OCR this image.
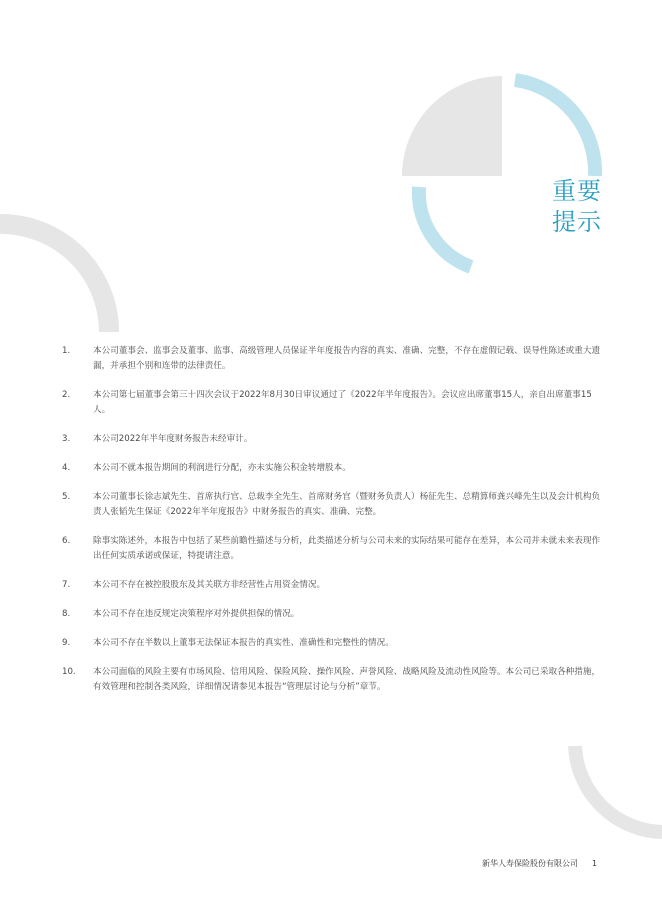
重要
提示
1.	本公司董事会、监事会及董事、监事、高级管理人员保证半年度报告内容的真实、准确、完整，不存在虚假记载、误导性陈述或重大遗漏，并承担个别和连带的法律责任。
2.	本公司第七届董事会第三十四次会议于2022年8月30日审议通过了《2022年半年度报告》。会议应出席董事15人，亲自出席董事15人。
3.	本公司2022年半年度财务报告未经审计。
4.	本公司不就本报告期间的利润进行分配，亦未实施公积金转增股本。
5.	本公司董事长徐志斌先生、首席执行官、总裁李全先生、首席财务官（暨财务负责人）杨征先生、总精算师龚兴峰先生以及会计机构负责人张韬先生保证《2022年半年度报告》中财务报告的真实、准确、完整。
6.	除事实陈述外，本报告中包括了某些前瞻性描述与分析，此类描述分析与公司未来的实际结果可能存在差异，本公司并未就未来表现作出任何实质承诺或保证，特提请注意。
7.	本公司不存在被控股股东及其关联方非经营性占用资金情况。
8.	本公司不存在违反规定决策程序对外提供担保的情况。
9.	本公司不存在半数以上董事无法保证本报告的真实性、准确性和完整性的情况。
10. 本公司面临的风险主要有市场风险、信用风险、保险风险、操作风险、声誉风险、战略风险及流动性风险等。本公司已采取各种措施，有效管理和控制各类风险，详细情况请参见本报告“管理层讨论与分析”章节。
新华人寿保险股份有限公司 1
